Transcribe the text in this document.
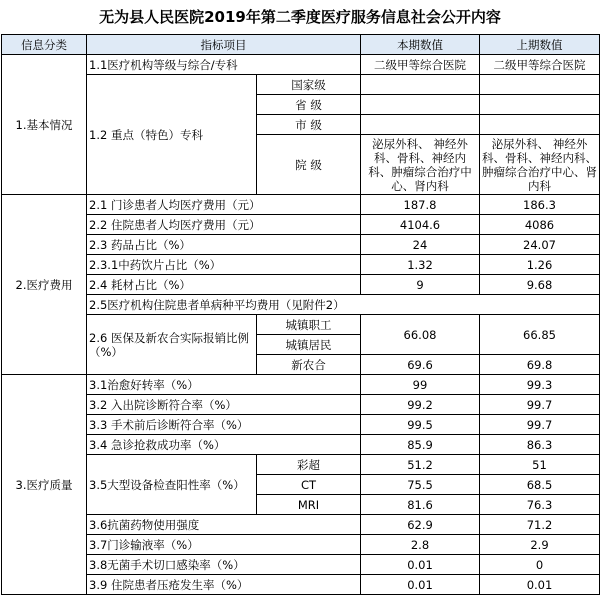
无为县人民医院2019年第二季度医疗服务信息社会公开内容
信息分类	指标项目		本期数值	上期数值
1.基本情况	1.1医疗机构等级与综合/专科		二级甲等综合医院	二级甲等综合医院
	1.2 重点（特色）专科	国家级		
		省 级		
		市 级		
		院 级	泌尿外科、 神经外科、骨科、神经内科、肿瘤综合治疗中心、肾内科	泌尿外科、 神经外科、骨科、神经内科、肿瘤综合治疗中心、肾内科
2.医疗费用	2.1 门诊患者人均医疗费用（元）		187.8	186.3
	2.2 住院患者人均医疗费用（元）		4104.6	4086
	2.3 药品占比（%）		24	24.07
	2.3.1中药饮片占比（%）		1.32	1.26
	2.4 耗材占比（%）		9	9.68
	2.5医疗机构住院患者单病种平均费用（见附件2）			
	2.6 医保及新农合实际报销比例（%）	城镇职工	66.08	66.85
		城镇居民		
		新农合	69.6	69.8
3.医疗质量	3.1治愈好转率（%）		99	99.3
	3.2 入出院诊断符合率（%）		99.2	99.7
	3.3 手术前后诊断符合率（%）		99.5	99.7
	3.4 急诊抢救成功率（%）		85.9	86.3
	3.5大型设备检查阳性率（%）	彩超	51.2	51
		CT	75.5	68.5
		MRI	81.6	76.3
	3.6抗菌药物使用强度		62.9	71.2
	3.7门诊输液率（%）		2.8	2.9
	3.8无菌手术切口感染率（%）		0.01	0
	3.9 住院患者压疮发生率（%）		0.01	0.01
